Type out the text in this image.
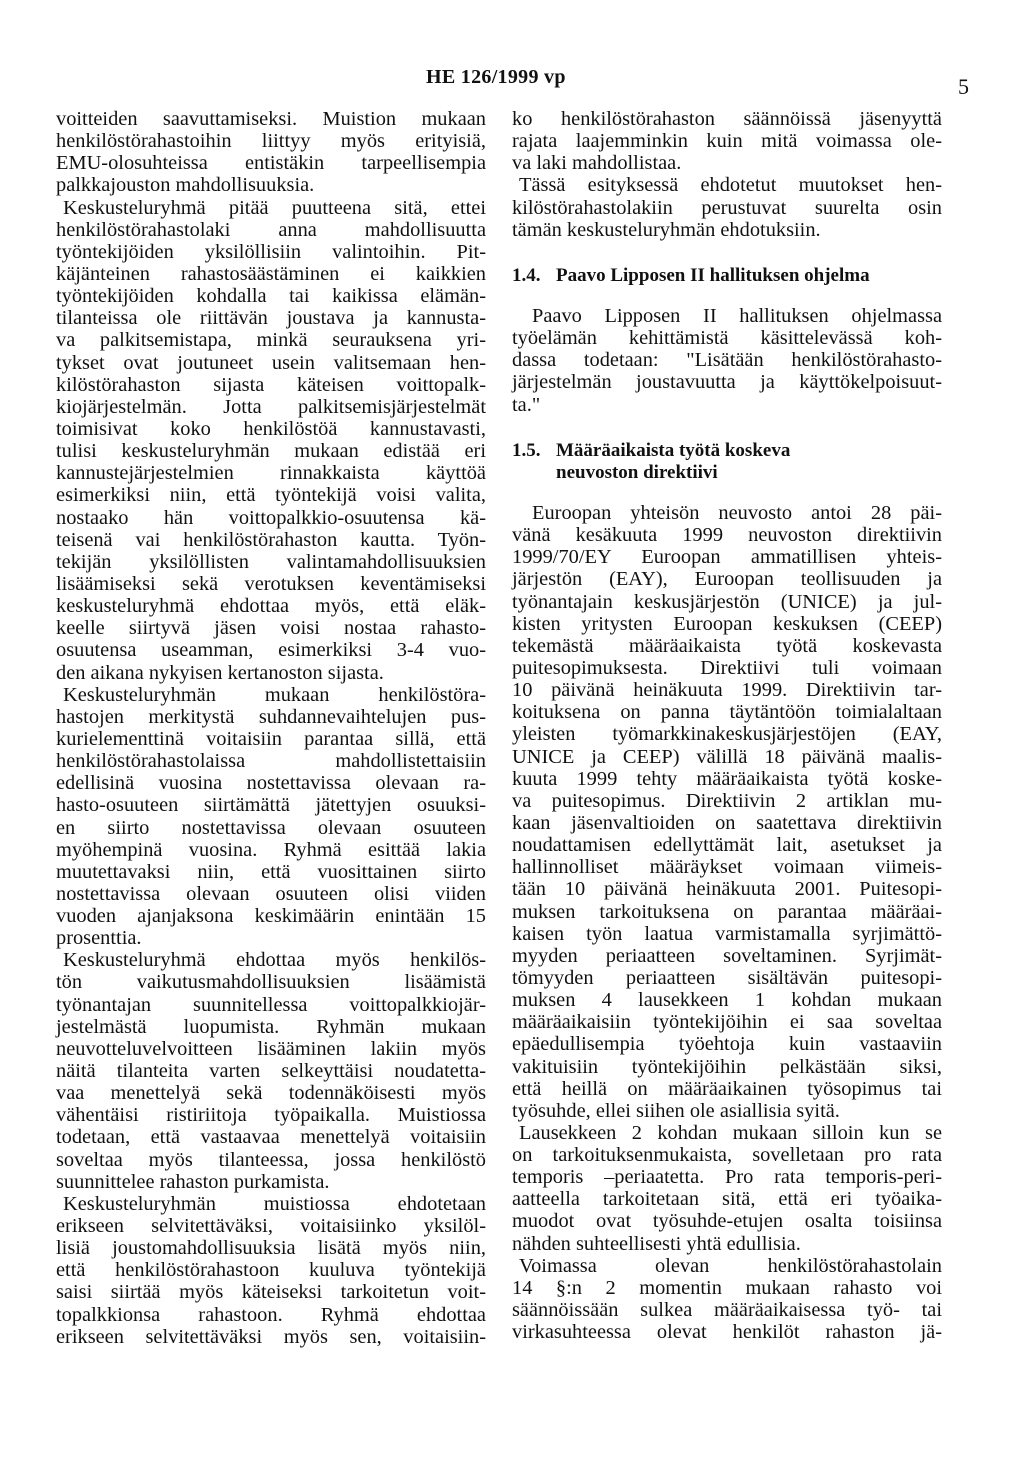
HE 126/1999 vp	5
voitteiden saavuttamiseksi. Muistion mukaan
henkilöstörahastoihin liittyy myös erityisiä,
EMU-olosuhteissa entistäkin tarpeellisempia
palkkajouston mahdollisuuksia.
Keskusteluryhmä pitää puutteena sitä, ettei
henkilöstörahastolaki anna mahdollisuutta
työntekijöiden yksilöllisiin valintoihin. Pit-
käjänteinen rahastosäästäminen ei kaikkien
työntekijöiden kohdalla tai kaikissa elämän-
tilanteissa ole riittävän joustava ja kannusta-
va palkitsemistapa, minkä seurauksena yri-
tykset ovat joutuneet usein valitsemaan hen-
kilöstörahaston sijasta käteisen voittopalk-
kiojärjestelmän. Jotta palkitsemisjärjestelmät
toimisivat koko henkilöstöä kannustavasti,
tulisi keskusteluryhmän mukaan edistää eri
kannustejärjestelmien rinnakkaista käyttöä
esimerkiksi niin, että työntekijä voisi valita,
nostaako hän voittopalkkio-osuutensa kä-
teisenä vai henkilöstörahaston kautta. Työn-
tekijän yksilöllisten valintamahdollisuuksien
lisäämiseksi sekä verotuksen keventämiseksi
keskusteluryhmä ehdottaa myös, että eläk-
keelle siirtyvä jäsen voisi nostaa rahasto-
osuutensa useamman, esimerkiksi 3-4 vuo-
den aikana nykyisen kertanoston sijasta.
Keskusteluryhmän mukaan henkilöstöra-
hastojen merkitystä suhdannevaihtelujen pus-
kurielementtinä voitaisiin parantaa sillä, että
henkilöstörahastolaissa mahdollistettaisiin
edellisinä vuosina nostettavissa olevaan ra-
hasto-osuuteen siirtämättä jätettyjen osuuksi-
en siirto nostettavissa olevaan osuuteen
myöhempinä vuosina. Ryhmä esittää lakia
muutettavaksi niin, että vuosittainen siirto
nostettavissa olevaan osuuteen olisi viiden
vuoden ajanjaksona keskimäärin enintään 15
prosenttia.
Keskusteluryhmä ehdottaa myös henkilös-
tön vaikutusmahdollisuuksien lisäämistä
työnantajan suunnitellessa voittopalkkiojär-
jestelmästä luopumista. Ryhmän mukaan
neuvotteluvelvoitteen lisääminen lakiin myös
näitä tilanteita varten selkeyttäisi noudatetta-
vaa menettelyä sekä todennäköisesti myös
vähentäisi ristiriitoja työpaikalla. Muistiossa
todetaan, että vastaavaa menettelyä voitaisiin
soveltaa myös tilanteessa, jossa henkilöstö
suunnittelee rahaston purkamista.
Keskusteluryhmän muistiossa ehdotetaan
erikseen selvitettäväksi, voitaisiinko yksilöl-
lisiä joustomahdollisuuksia lisätä myös niin,
että henkilöstörahastoon kuuluva työntekijä
saisi siirtää myös käteiseksi tarkoitetun voit-
topalkkionsa rahastoon. Ryhmä ehdottaa
erikseen selvitettäväksi myös sen, voitaisiin-
ko henkilöstörahaston säännöissä jäsenyyttä
rajata laajemminkin kuin mitä voimassa ole-
va laki mahdollistaa.
Tässä esityksessä ehdotetut muutokset hen-
kilöstörahastolakiin perustuvat suurelta osin
tämän keskusteluryhmän ehdotuksiin.
1.4. Paavo Lipposen II hallituksen ohjelma
Paavo Lipposen II hallituksen ohjelmassa
työelämän kehittämistä käsittelevässä koh-
dassa todetaan: "Lisätään henkilöstörahasto-
järjestelmän joustavuutta ja käyttökelpoisuut-
ta."
1.5. Määräaikaista työtä koskeva
neuvoston direktiivi
Euroopan yhteisön neuvosto antoi 28 päi-
vänä kesäkuuta 1999 neuvoston direktiivin
1999/70/EY Euroopan ammatillisen yhteis-
järjestön (EAY), Euroopan teollisuuden ja
työnantajain keskusjärjestön (UNICE) ja jul-
kisten yritysten Euroopan keskuksen (CEEP)
tekemästä määräaikaista työtä koskevasta
puitesopimuksesta. Direktiivi tuli voimaan
10 päivänä heinäkuuta 1999. Direktiivin tar-
koituksena on panna täytäntöön toimialaltaan
yleisten työmarkkinakeskusjärjestöjen (EAY,
UNICE ja CEEP) välillä 18 päivänä maalis-
kuuta 1999 tehty määräaikaista työtä koske-
va puitesopimus. Direktiivin 2 artiklan mu-
kaan jäsenvaltioiden on saatettava direktiivin
noudattamisen edellyttämät lait, asetukset ja
hallinnolliset määräykset voimaan viimeis-
tään 10 päivänä heinäkuuta 2001. Puitesopi-
muksen tarkoituksena on parantaa määräai-
kaisen työn laatua varmistamalla syrjimättö-
myyden periaatteen soveltaminen. Syrjimät-
tömyyden periaatteen sisältävän puitesopi-
muksen 4 lausekkeen 1 kohdan mukaan
määräaikaisiin työntekijöihin ei saa soveltaa
epäedullisempia työehtoja kuin vastaaviin
vakituisiin työntekijöihin pelkästään siksi,
että heillä on määräaikainen työsopimus tai
työsuhde, ellei siihen ole asiallisia syitä.
Lausekkeen 2 kohdan mukaan silloin kun se
on tarkoituksenmukaista, sovelletaan pro rata
temporis –periaatetta. Pro rata temporis-peri-
aatteella tarkoitetaan sitä, että eri työaika-
muodot ovat työsuhde-etujen osalta toisiinsa
nähden suhteellisesti yhtä edullisia.
Voimassa olevan henkilöstörahastolain
14 §:n 2 momentin mukaan rahasto voi
säännöissään sulkea määräaikaisessa työ- tai
virkasuhteessa olevat henkilöt rahaston jä-
